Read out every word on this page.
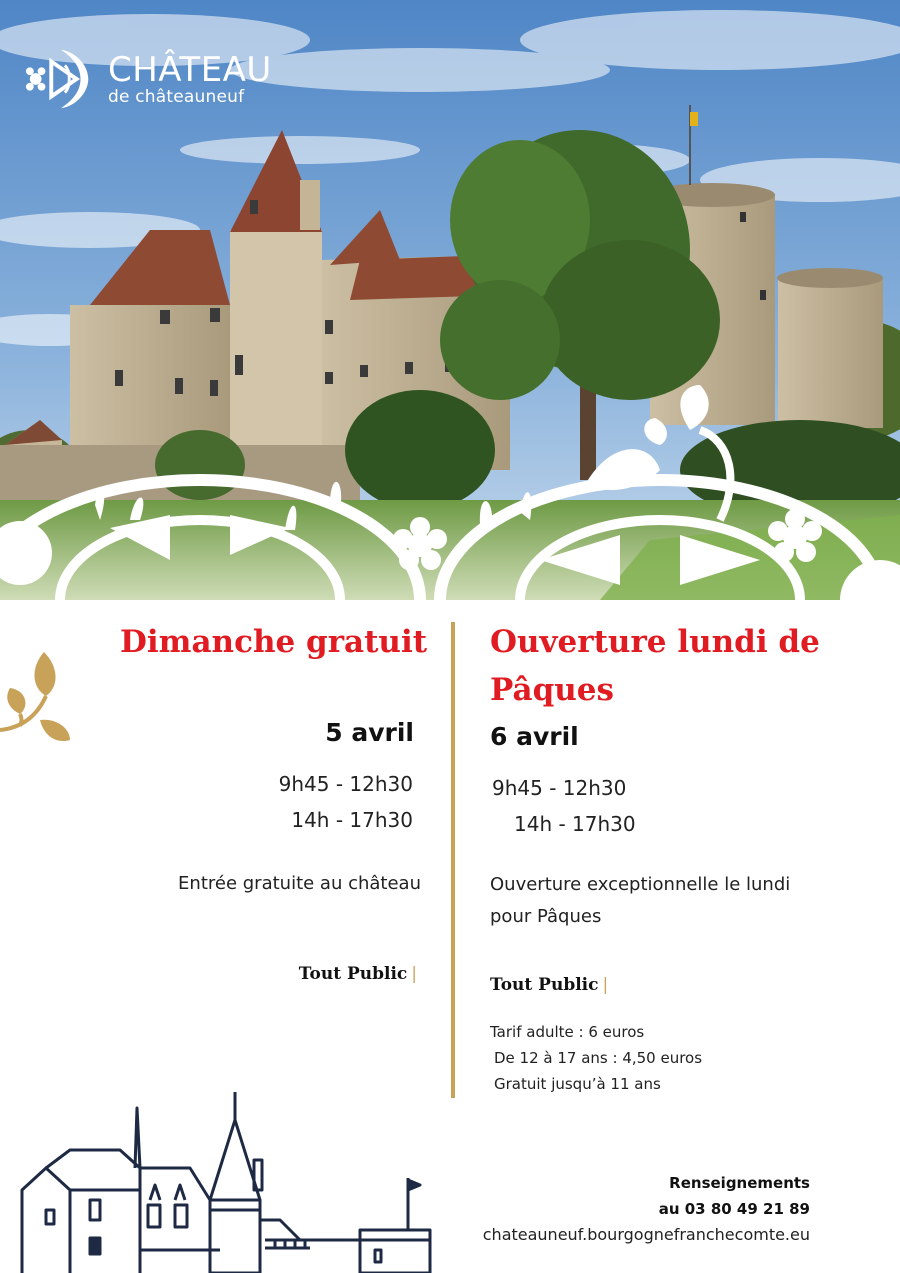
CHÂTEAU
de châteauneuf
Dimanche gratuit
5 avril
9h45 - 12h30
14h - 17h30
Entrée gratuite au château
Tout Public |
Ouverture lundi de
Pâques
6 avril
9h45 - 12h30
14h - 17h30
Ouverture exceptionnelle le lundi
pour Pâques
Tout Public |
Tarif adulte : 6 euros
De 12 à 17 ans : 4,50 euros
Gratuit jusqu’à 11 ans
Renseignements
au 03 80 49 21 89
chateauneuf.bourgognefranchecomte.eu
